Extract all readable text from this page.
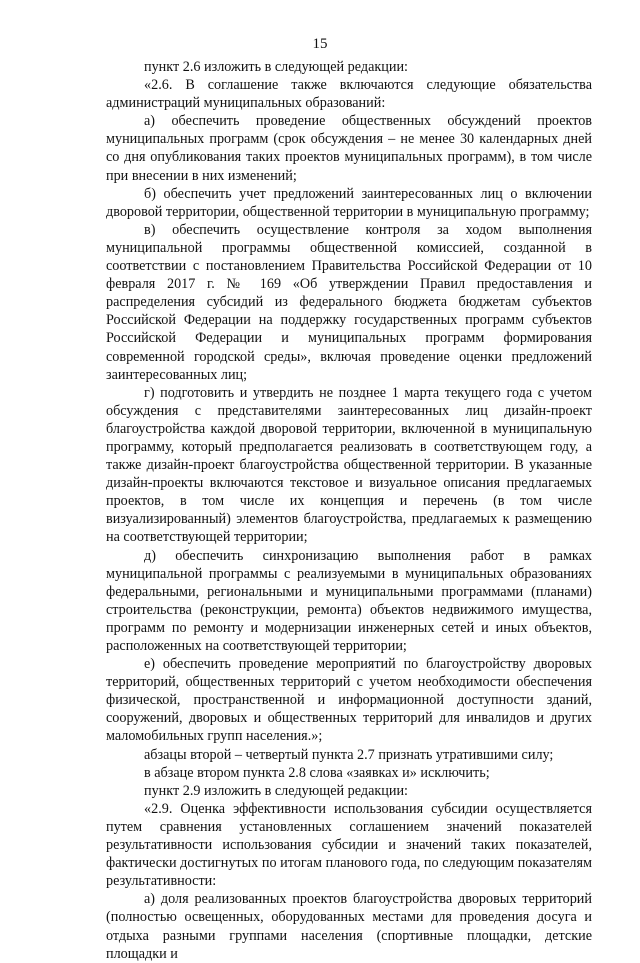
15

пункт 2.6 изложить в следующей редакции:

«2.6. В соглашение также включаются следующие обязательства администраций муниципальных образований:

а) обеспечить проведение общественных обсуждений проектов муниципальных программ (срок обсуждения – не менее 30 календарных дней со дня опубликования таких проектов муниципальных программ), в том числе при внесении в них изменений;

б) обеспечить учет предложений заинтересованных лиц о включении дворовой территории, общественной территории в муниципальную программу;

в) обеспечить осуществление контроля за ходом выполнения муниципальной программы общественной комиссией, созданной в соответствии с постановлением Правительства Российской Федерации от 10 февраля 2017 г. № 169 «Об утверждении Правил предоставления и распределения субсидий из федерального бюджета бюджетам субъектов Российской Федерации на поддержку государственных программ субъектов Российской Федерации и муниципальных программ формирования современной городской среды», включая проведение оценки предложений заинтересованных лиц;

г) подготовить и утвердить не позднее 1 марта текущего года с учетом обсуждения с представителями заинтересованных лиц дизайн-проект благоустройства каждой дворовой территории, включенной в муниципальную программу, который предполагается реализовать в соответствующем году, а также дизайн-проект благоустройства общественной территории. В указанные дизайн-проекты включаются текстовое и визуальное описания предлагаемых проектов, в том числе их концепция и перечень (в том числе визуализированный) элементов благоустройства, предлагаемых к размещению на соответствующей территории;

д) обеспечить синхронизацию выполнения работ в рамках муниципальной программы с реализуемыми в муниципальных образованиях федеральными, региональными и муниципальными программами (планами) строительства (реконструкции, ремонта) объектов недвижимого имущества, программ по ремонту и модернизации инженерных сетей и иных объектов, расположенных на соответствующей территории;

е) обеспечить проведение мероприятий по благоустройству дворовых территорий, общественных территорий с учетом необходимости обеспечения физической, пространственной и информационной доступности зданий, сооружений, дворовых и общественных территорий для инвалидов и других маломобильных групп населения.»;

абзацы второй – четвертый пункта 2.7 признать утратившими силу;

в абзаце втором пункта 2.8 слова «заявках и» исключить;

пункт 2.9 изложить в следующей редакции:

«2.9. Оценка эффективности использования субсидии осуществляется путем сравнения установленных соглашением значений показателей результативности использования субсидии и значений таких показателей, фактически достигнутых по итогам планового года, по следующим показателям результативности:

а) доля реализованных проектов благоустройства дворовых территорий (полностью освещенных, оборудованных местами для проведения досуга и отдыха разными группами населения (спортивные площадки, детские площадки и
